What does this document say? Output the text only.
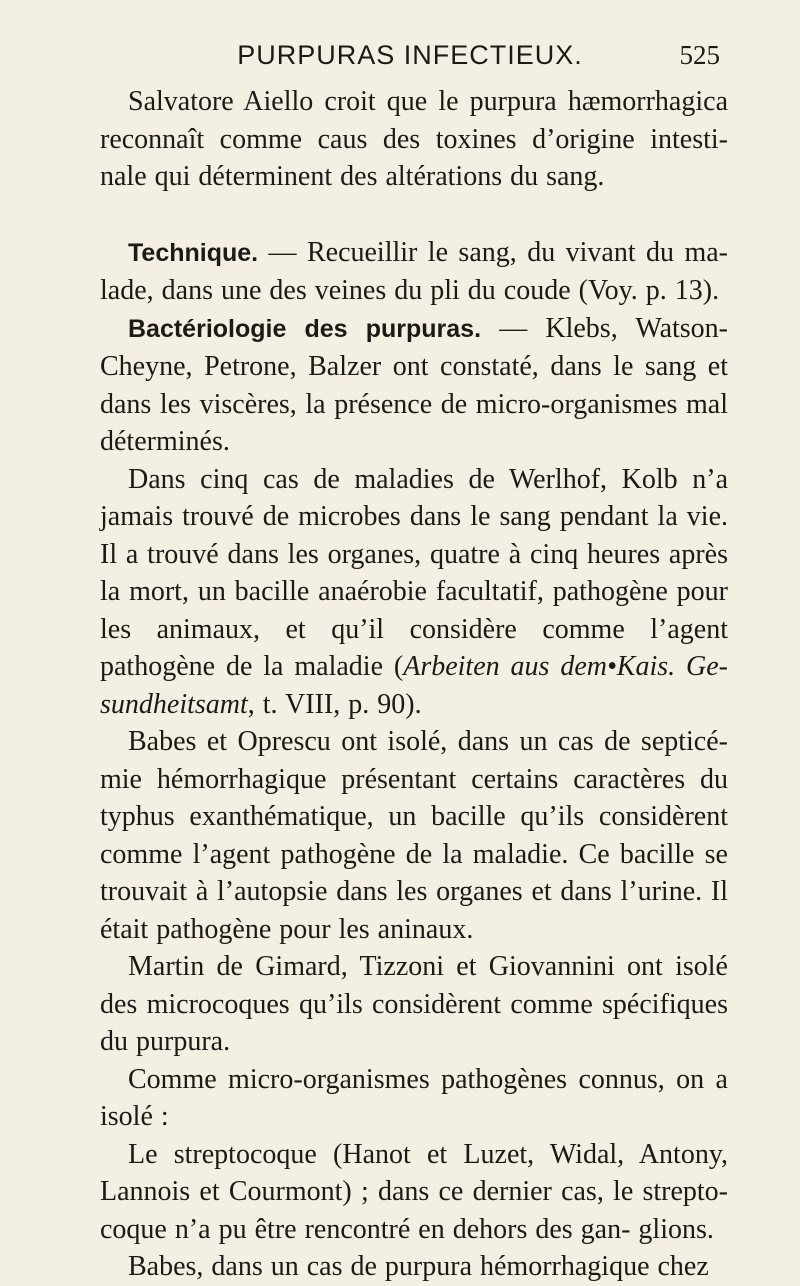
PURPURAS INFECTIEUX.	525

Salvatore Aiello croit que le purpura hæmorrhagica reconnaît comme caus des toxines d’origine intesti- nale qui déterminent des altérations du sang.

Technique. — Recueillir le sang, du vivant du ma- lade, dans une des veines du pli du coude (Voy. p. 13).

Bactériologie des purpuras. — Klebs, Watson- Cheyne, Petrone, Balzer ont constaté, dans le sang et dans les viscères, la présence de micro-organismes mal déterminés.

Dans cinq cas de maladies de Werlhof, Kolb n’a jamais trouvé de microbes dans le sang pendant la vie. Il a trouvé dans les organes, quatre à cinq heures après la mort, un bacille anaérobie facultatif, pathogène pour les animaux, et qu’il considère comme l’agent pathogène de la maladie (Arbeiten aus dem•Kais. Ge- sundheitsamt, t. VIII, p. 90).

Babes et Oprescu ont isolé, dans un cas de septicé- mie hémorrhagique présentant certains caractères du typhus exanthématique, un bacille qu’ils considèrent comme l’agent pathogène de la maladie. Ce bacille se trouvait à l’autopsie dans les organes et dans l’urine. Il était pathogène pour les aninaux.

Martin de Gimard, Tizzoni et Giovannini ont isolé des microcoques qu’ils considèrent comme spécifiques du purpura.

Comme micro-organismes pathogènes connus, on a isolé :

Le streptocoque (Hanot et Luzet, Widal, Antony, Lannois et Courmont) ; dans ce dernier cas, le strepto- coque n’a pu être rencontré en dehors des gan- glions.

Babes, dans un cas de purpura hémorrhagique chez
